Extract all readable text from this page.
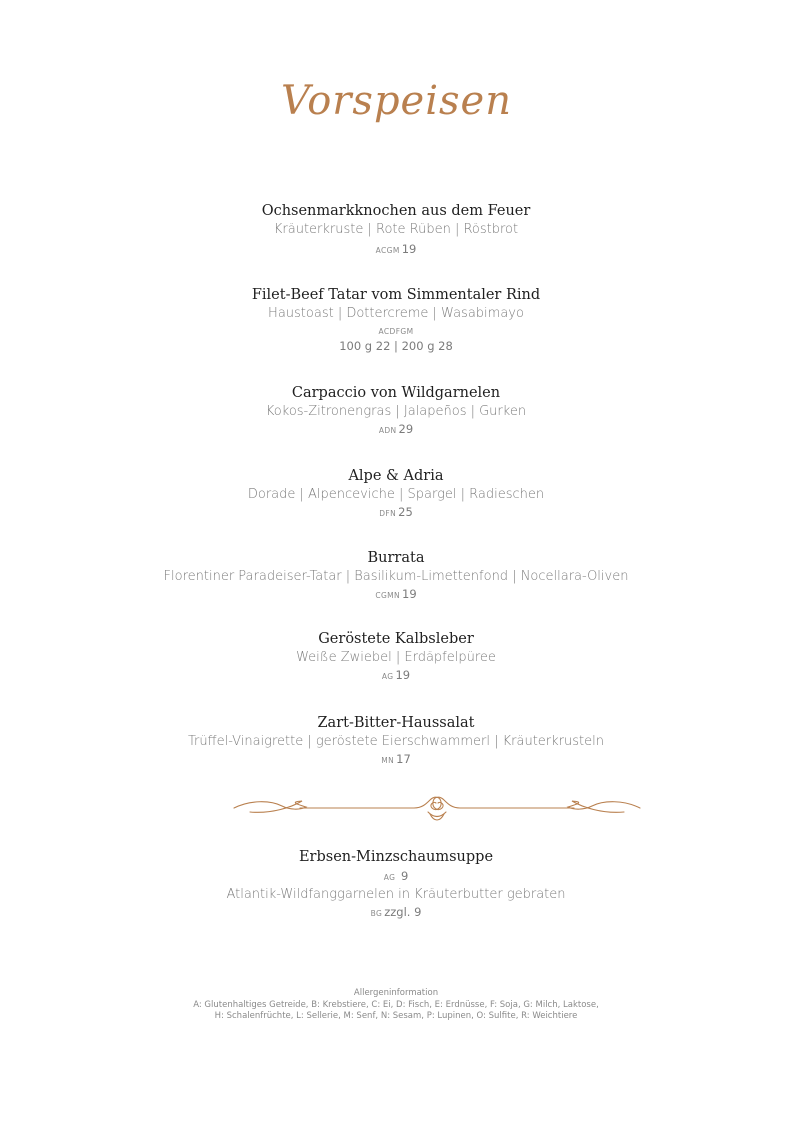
Vorspeisen
Ochsenmarkknochen aus dem Feuer
Kräuterkruste | Rote Rüben | Röstbrot
ACGM 19
Filet-Beef Tatar vom Simmentaler Rind
Haustoast | Dottercreme | Wasabimayo
ACDFGM
100 g 22 | 200 g 28
Carpaccio von Wildgarnelen
Kokos-Zitronengras | Jalapeños | Gurken
ADN 29
Alpe & Adria
Dorade | Alpenceviche | Spargel | Radieschen
DFN 25
Burrata
Florentiner Paradeiser-Tatar | Basilikum-Limettenfond | Nocellara-Oliven
CGMN 19
Geröstete Kalbsleber
Weiße Zwiebel | Erdäpfelpüree
AG 19
Zart-Bitter-Haussalat
Trüffel-Vinaigrette | geröstete Eierschwammerl | Kräuterkrusteln
MN 17
Erbsen-Minzschaumsuppe
AG 9
Atlantik-Wildfanggarnelen in Kräuterbutter gebraten
BG zzgl. 9
Allergeninformation
A: Glutenhaltiges Getreide, B: Krebstiere, C: Ei, D: Fisch, E: Erdnüsse, F: Soja, G: Milch, Laktose,
H: Schalenfrüchte, L: Sellerie, M: Senf, N: Sesam, P: Lupinen, O: Sulfite, R: Weichtiere
